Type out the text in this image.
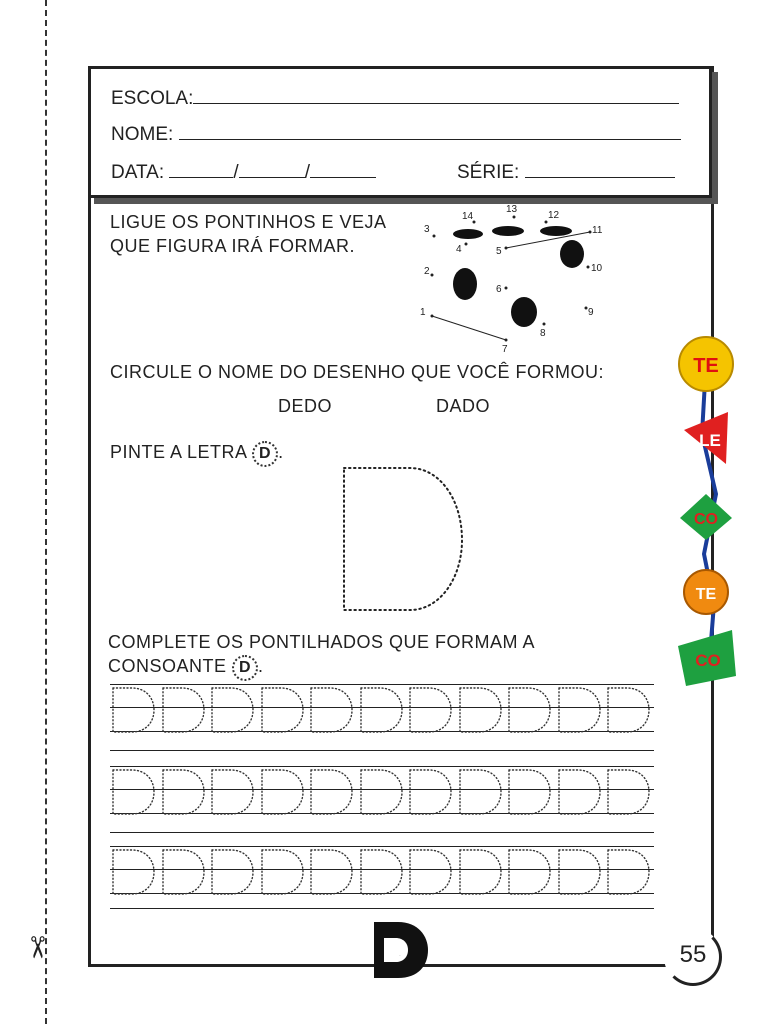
✂
ESCOLA:
NOME:
DATA:	/	/	SÉRIE:
LIGUE OS PONTINHOS E VEJA QUE FIGURA IRÁ FORMAR.
1
2
3
4	5
6
7
8
9
10
11
12
13
14
CIRCULE O NOME DO DESENHO QUE VOCÊ FORMOU:
DEDO	DADO
PINTE A LETRA D .
COMPLETE OS PONTILHADOS QUE FORMAM A
CONSOANTE D .
TE
LE
CO
TE
CO
D	55
